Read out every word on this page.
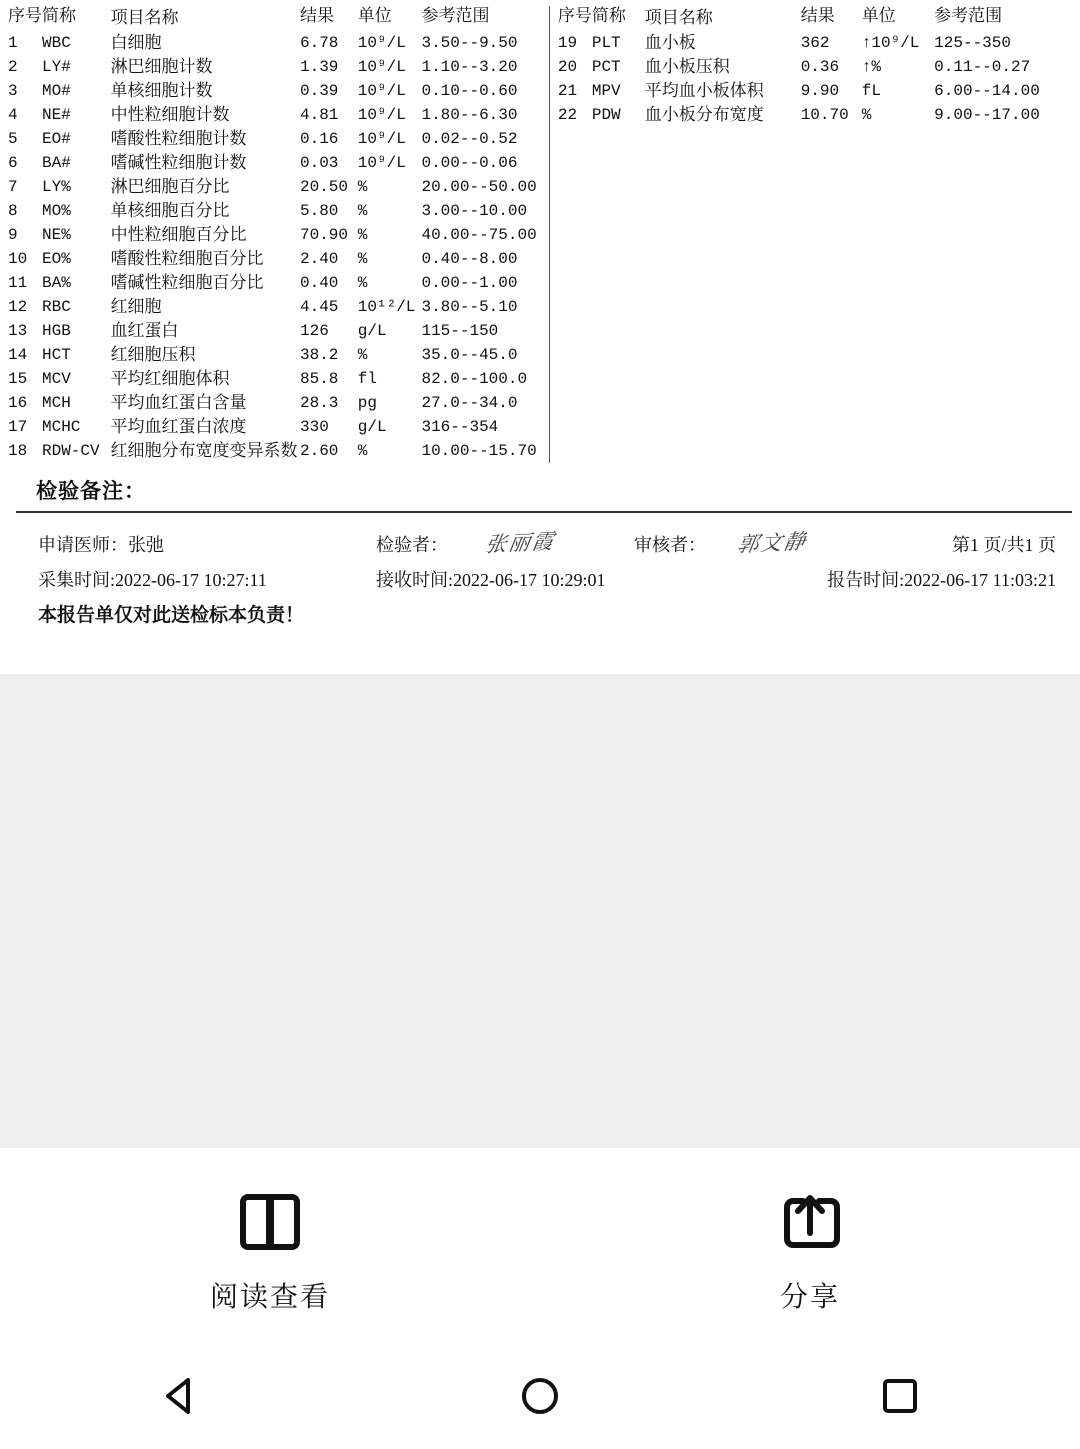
序号	简称	项目名称	结果	单位	参考范围
1	WBC	白细胞	6.78	10⁹/L	3.50--9.50
2	LY#	淋巴细胞计数	1.39	10⁹/L	1.10--3.20
3	MO#	单核细胞计数	0.39	10⁹/L	0.10--0.60
4	NE#	中性粒细胞计数	4.81	10⁹/L	1.80--6.30
5	EO#	嗜酸性粒细胞计数	0.16	10⁹/L	0.02--0.52
6	BA#	嗜碱性粒细胞计数	0.03	10⁹/L	0.00--0.06
7	LY%	淋巴细胞百分比	20.50	%	20.00--50.00
8	MO%	单核细胞百分比	5.80	%	3.00--10.00
9	NE%	中性粒细胞百分比	70.90	%	40.00--75.00
10	EO%	嗜酸性粒细胞百分比	2.40	%	0.40--8.00
11	BA%	嗜碱性粒细胞百分比	0.40	%	0.00--1.00
12	RBC	红细胞	4.45	10¹²/L	3.80--5.10
13	HGB	血红蛋白	126	g/L	115--150
14	HCT	红细胞压积	38.2	%	35.0--45.0
15	MCV	平均红细胞体积	85.8	fl	82.0--100.0
16	MCH	平均血红蛋白含量	28.3	pg	27.0--34.0
17	MCHC	平均血红蛋白浓度	330	g/L	316--354
18	RDW-CV	红细胞分布宽度变异系数	2.60	%	10.00--15.70
序号	简称	项目名称	结果	单位	参考范围
19	PLT	血小板	362	↑10⁹/L	125--350
20	PCT	血小板压积	0.36	↑%	0.11--0.27
21	MPV	平均血小板体积	9.90	fL	6.00--14.00
22	PDW	血小板分布宽度	10.70	%	9.00--17.00
检验备注：
申请医师：张弛	检验者： 张丽霞	审核者： 郭文静	第1 页/共1 页
采集时间:2022-06-17 10:27:11	接收时间:2022-06-17 10:29:01	报告时间:2022-06-17 11:03:21
本报告单仅对此送检标本负责！
阅读查看	分享
